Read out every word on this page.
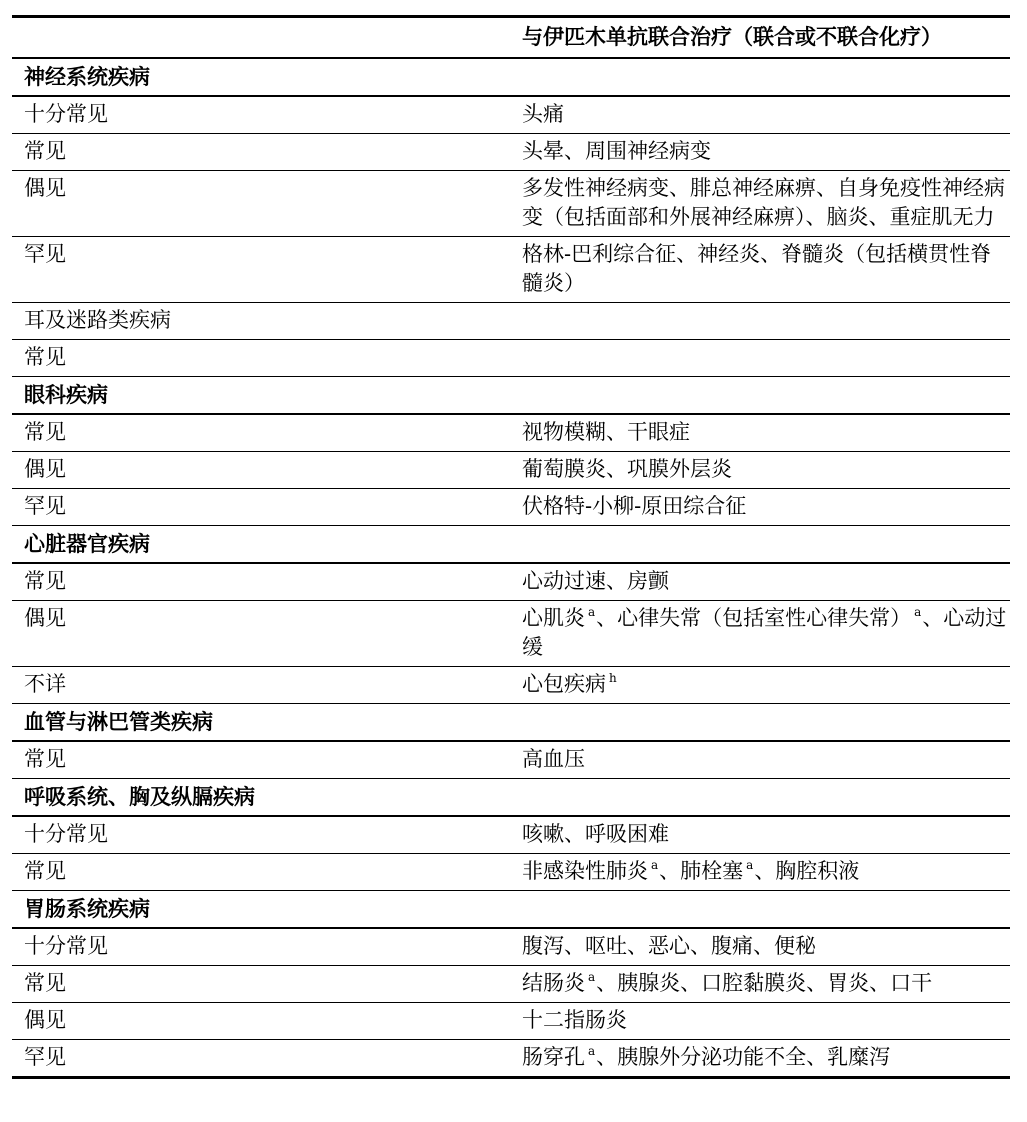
	与伊匹木单抗联合治疗（联合或不联合化疗）
神经系统疾病	
十分常见	头痛
常见	头晕、周围神经病变
偶见	多发性神经病变、腓总神经麻痹、自身免疫性神经病变（包括面部和外展神经麻痹）、脑炎、重症肌无力
罕见	格林-巴利综合征、神经炎、脊髓炎（包括横贯性脊髓炎）
耳及迷路类疾病	
常见	
眼科疾病	
常见	视物模糊、干眼症
偶见	葡萄膜炎、巩膜外层炎
罕见	伏格特-小柳-原田综合征
心脏器官疾病	
常见	心动过速、房颤
偶见	心肌炎 $^a$、心律失常（包括室性心律失常） $^a$、心动过缓
不详	心包疾病 $^h$
血管与淋巴管类疾病	
常见	高血压
呼吸系统、胸及纵膈疾病	
十分常见	咳嗽、呼吸困难
常见	非感染性肺炎 $^a$、肺栓塞 $^a$、胸腔积液
胃肠系统疾病	
十分常见	腹泻、呕吐、恶心、腹痛、便秘
常见	结肠炎 $^a$、胰腺炎、口腔黏膜炎、胃炎、口干
偶见	十二指肠炎
罕见	肠穿孔 $^a$、胰腺外分泌功能不全、乳糜泻
